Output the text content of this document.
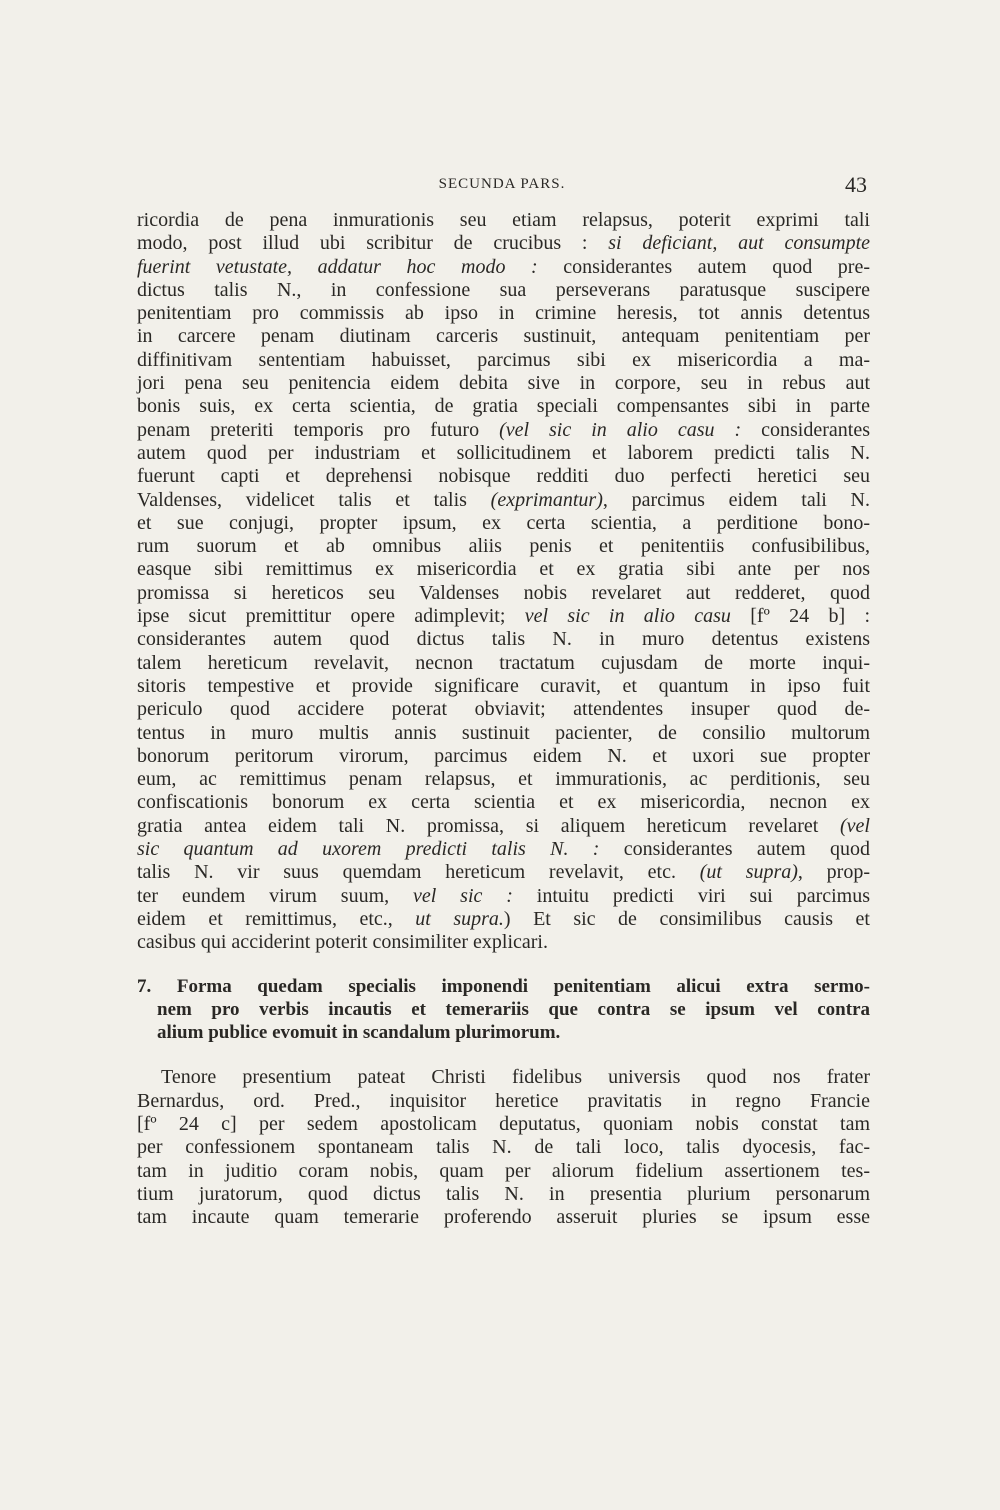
SECUNDA PARS.	43
ricordia de pena inmurationis seu etiam relapsus, poterit exprimi tali
modo, post illud ubi scribitur de crucibus : si deficiant, aut consumpte
fuerint vetustate, addatur hoc modo : considerantes autem quod pre-
dictus talis N., in confessione sua perseverans paratusque suscipere
penitentiam pro commissis ab ipso in crimine heresis, tot annis detentus
in carcere penam diutinam carceris sustinuit, antequam penitentiam per
diffinitivam sententiam habuisset, parcimus sibi ex misericordia a ma-
jori pena seu penitencia eidem debita sive in corpore, seu in rebus aut
bonis suis, ex certa scientia, de gratia speciali compensantes sibi in parte
penam preteriti temporis pro futuro (vel sic in alio casu : considerantes
autem quod per industriam et sollicitudinem et laborem predicti talis N.
fuerunt capti et deprehensi nobisque redditi duo perfecti heretici seu
Valdenses, videlicet talis et talis (exprimantur), parcimus eidem tali N.
et sue conjugi, propter ipsum, ex certa scientia, a perditione bono-
rum suorum et ab omnibus aliis penis et penitentiis confusibilibus,
easque sibi remittimus ex misericordia et ex gratia sibi ante per nos
promissa si hereticos seu Valdenses nobis revelaret aut redderet, quod
ipse sicut premittitur opere adimplevit; vel sic in alio casu [fº 24 b] :
considerantes autem quod dictus talis N. in muro detentus existens
talem hereticum revelavit, necnon tractatum cujusdam de morte inqui-
sitoris tempestive et provide significare curavit, et quantum in ipso fuit
periculo quod accidere poterat obviavit; attendentes insuper quod de-
tentus in muro multis annis sustinuit pacienter, de consilio multorum
bonorum peritorum virorum, parcimus eidem N. et uxori sue propter
eum, ac remittimus penam relapsus, et immurationis, ac perditionis, seu
confiscationis bonorum ex certa scientia et ex misericordia, necnon ex
gratia antea eidem tali N. promissa, si aliquem hereticum revelaret (vel
sic quantum ad uxorem predicti talis N. : considerantes autem quod
talis N. vir suus quemdam hereticum revelavit, etc. (ut supra), prop-
ter eundem virum suum, vel sic : intuitu predicti viri sui parcimus
eidem et remittimus, etc., ut supra.) Et sic de consimilibus causis et
casibus qui acciderint poterit consimiliter explicari.
7. Forma quedam specialis imponendi penitentiam alicui extra sermo-
nem pro verbis incautis et temerariis que contra se ipsum vel contra
alium publice evomuit in scandalum plurimorum.
Tenore presentium pateat Christi fidelibus universis quod nos frater
Bernardus, ord. Pred., inquisitor heretice pravitatis in regno Francie
[fº 24 c] per sedem apostolicam deputatus, quoniam nobis constat tam
per confessionem spontaneam talis N. de tali loco, talis dyocesis, fac-
tam in juditio coram nobis, quam per aliorum fidelium assertionem tes-
tium juratorum, quod dictus talis N. in presentia plurium personarum
tam incaute quam temerarie proferendo asseruit pluries se ipsum esse
